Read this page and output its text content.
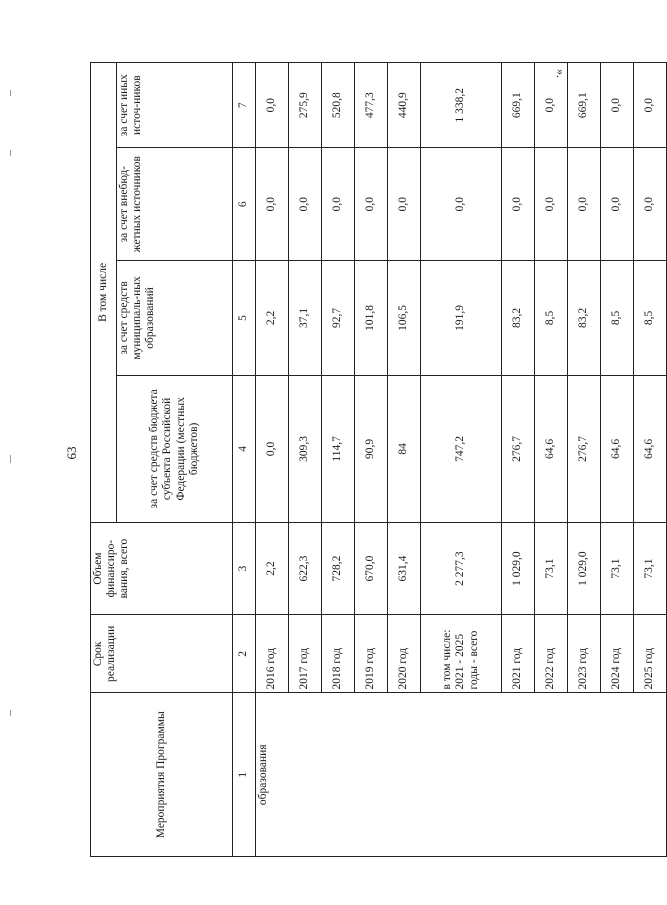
63
».
Мероприятия Программы	Срок реализации	Объем финансиро-вания, всего	В том числе			
			за счет средств бюджета субъекта Российской Федерации (местных бюджетов)	за счет средств муниципаль-ных образований	за счет внебюд-жетных источников	за счет иных источ-ников
1	2	3	4	5	6	7
образования	2016 год	2,2	0,0	2,2	0,0	0,0
	2017 год	622,3	309,3	37,1	0,0	275,9
	2018 год	728,2	114,7	92,7	0,0	520,8
	2019 год	670,0	90,9	101,8	0,0	477,3
	2020 год	631,4	84	106,5	0,0	440,9
	в том числе: 2021 - 2025 годы - всего	2 277,3	747,2	191,9	0,0	1 338,2
	2021 год	1 029,0	276,7	83,2	0,0	669,1
	2022 год	73,1	64,6	8,5	0,0	0,0
	2023 год	1 029,0	276,7	83,2	0,0	669,1
	2024 год	73,1	64,6	8,5	0,0	0,0
	2025 год	73,1	64,6	8,5	0,0	0,0
